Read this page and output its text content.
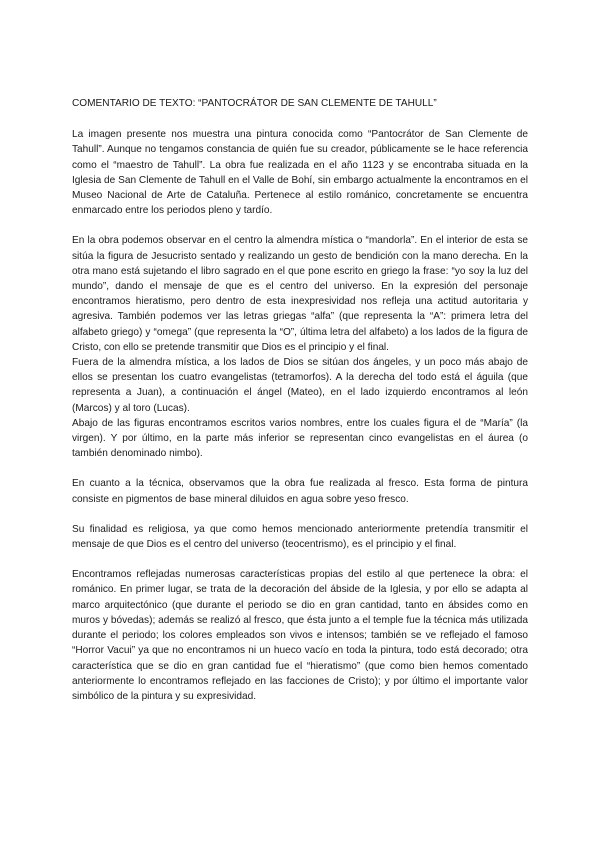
COMENTARIO DE TEXTO: “PANTOCRÁTOR DE SAN CLEMENTE DE TAHULL”

La imagen presente nos muestra una pintura conocida como “Pantocrátor de San Clemente de Tahull”. Aunque no tengamos constancia de quién fue su creador, públicamente se le hace referencia como el “maestro de Tahull”. La obra fue realizada en el año 1123 y se encontraba situada en la Iglesia de San Clemente de Tahull en el Valle de Bohí, sin embargo actualmente la encontramos en el Museo Nacional de Arte de Cataluña. Pertenece al estilo románico, concretamente se encuentra enmarcado entre los periodos pleno y tardío.

En la obra podemos observar en el centro la almendra mística o “mandorla”. En el interior de esta se sitúa la figura de Jesucristo sentado y realizando un gesto de bendición con la mano derecha. En la otra mano está sujetando el libro sagrado en el que pone escrito en griego la frase: “yo soy la luz del mundo”, dando el mensaje de que es el centro del universo. En la expresión del personaje encontramos hieratismo, pero dentro de esta inexpresividad nos refleja una actitud autoritaria y agresiva. También podemos ver las letras griegas “alfa” (que representa la “A”: primera letra del alfabeto griego) y “omega” (que representa la “O”, última letra del alfabeto) a los lados de la figura de Cristo, con ello se pretende transmitir que Dios es el principio y el final.

Fuera de la almendra mística, a los lados de Dios se sitúan dos ángeles, y un poco más abajo de ellos se presentan los cuatro evangelistas (tetramorfos). A la derecha del todo está el águila (que representa a Juan), a continuación el ángel (Mateo), en el lado izquierdo encontramos al león (Marcos) y al toro (Lucas).

Abajo de las figuras encontramos escritos varios nombres, entre los cuales figura el de “María” (la virgen). Y por último, en la parte más inferior se representan cinco evangelistas en el áurea (o también denominado nimbo).

En cuanto a la técnica, observamos que la obra fue realizada al fresco. Esta forma de pintura consiste en pigmentos de base mineral diluidos en agua sobre yeso fresco.

Su finalidad es religiosa, ya que como hemos mencionado anteriormente pretendía transmitir el mensaje de que Dios es el centro del universo (teocentrismo), es el principio y el final.

Encontramos reflejadas numerosas características propias del estilo al que pertenece la obra: el románico. En primer lugar, se trata de la decoración del ábside de la Iglesia, y por ello se adapta al marco arquitectónico (que durante el periodo se dio en gran cantidad, tanto en ábsides como en muros y bóvedas); además se realizó al fresco, que ésta junto a el temple fue la técnica más utilizada durante el periodo; los colores empleados son vivos e intensos; también se ve reflejado el famoso “Horror Vacui” ya que no encontramos ni un hueco vacío en toda la pintura, todo está decorado; otra característica que se dio en gran cantidad fue el “hieratismo” (que como bien hemos comentado anteriormente lo encontramos reflejado en las facciones de Cristo); y por último el importante valor simbólico de la pintura y su expresividad.
